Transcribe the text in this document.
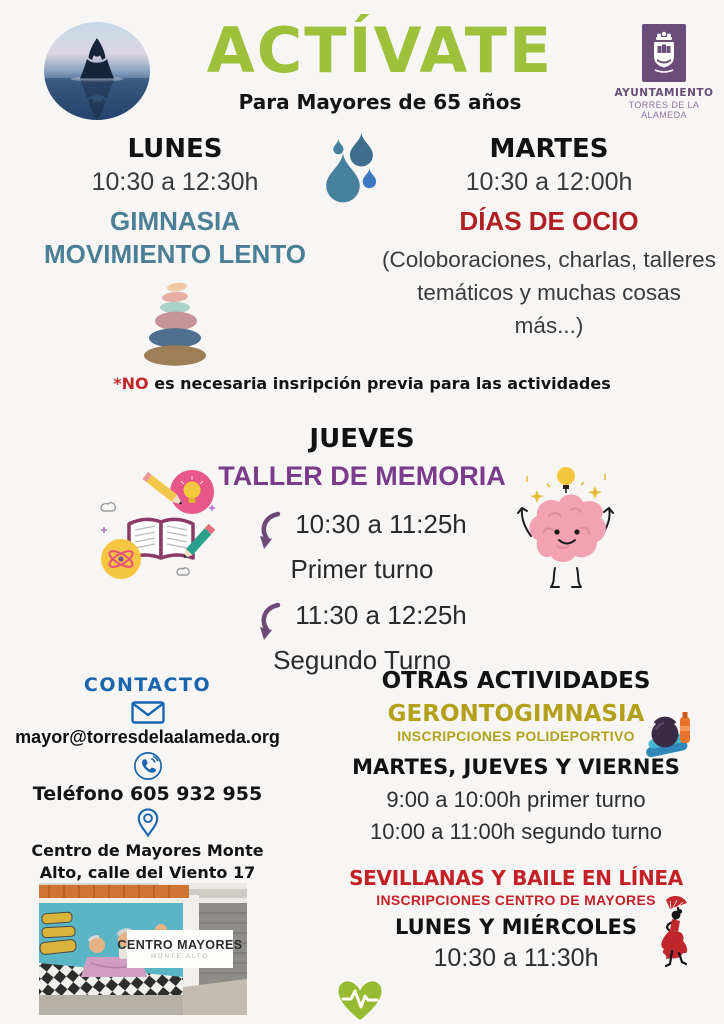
ACTÍVATE
Para Mayores de 65 años	AYUNTAMIENTO
TORRES DE LA ALAMEDA
LUNES
10:30 a 12:30h
GIMNASIA MOVIMIENTO LENTO
MARTES
10:30 a 12:00h
DÍAS DE OCIO
(Coloboraciones, charlas, talleres temáticos y muchas cosas más...)
*NO es necesaria insripción previa para las actividades
JUEVES
TALLER DE MEMORIA
10:30 a 11:25h
Primer turno
11:30 a 12:25h
Segundo Turno
CONTACTO
mayor@torresdelaalameda.org
Teléfono 605 932 955
Centro de Mayores Monte
Alto, calle del Viento 17
CENTRO MAYORES
MONTE ALTO
OTRAS ACTIVIDADES
GERONTOGIMNASIA
INSCRIPCIONES POLIDEPORTIVO
MARTES, JUEVES Y VIERNES
9:00 a 10:00h primer turno
10:00 a 11:00h segundo turno
SEVILLANAS Y BAILE EN LÍNEA
INSCRIPCIONES CENTRO DE MAYORES
LUNES Y MIÉRCOLES
10:30 a 11:30h
